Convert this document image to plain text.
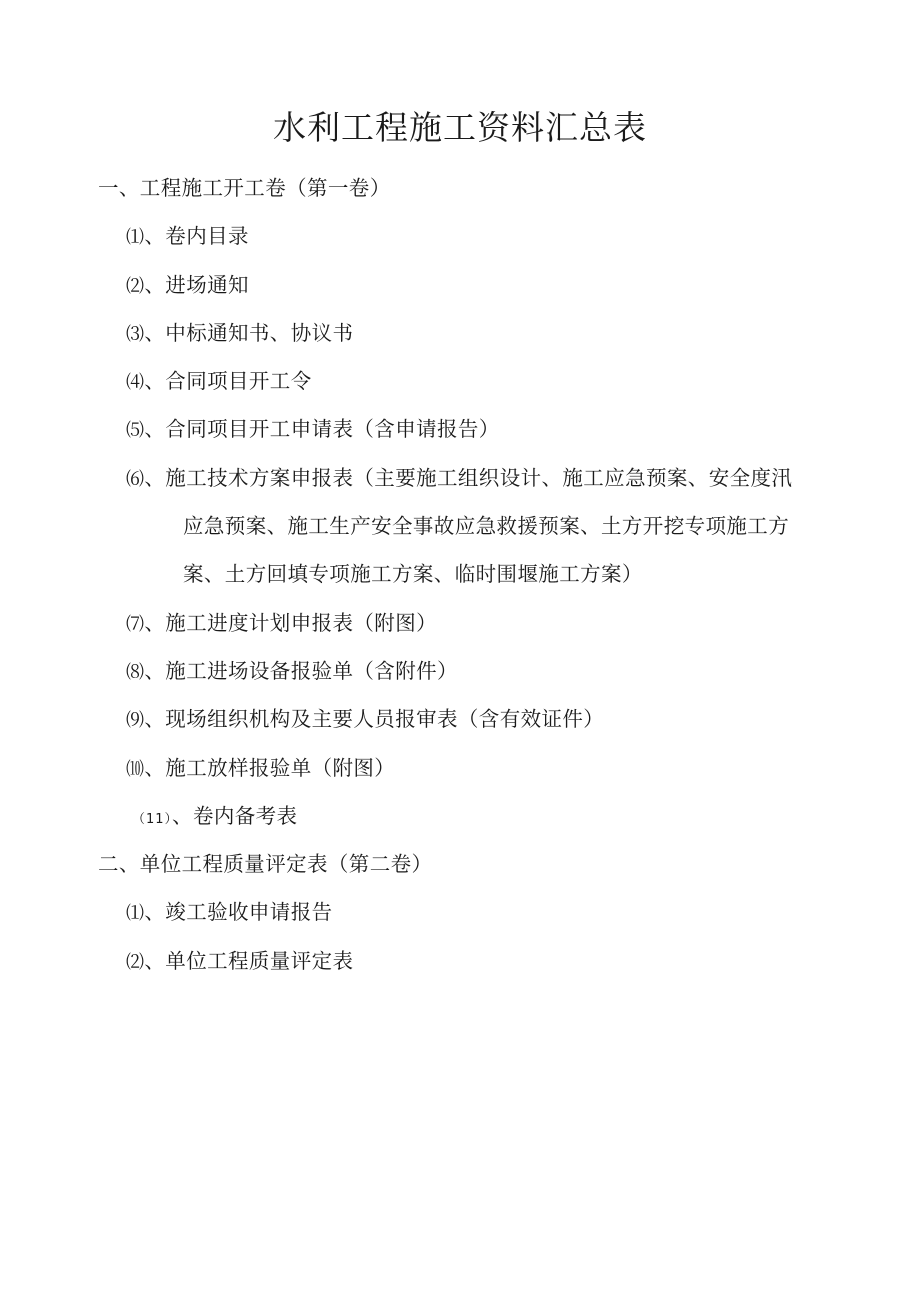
水利工程施工资料汇总表
一、工程施工开工卷（第一卷）
⑴、卷内目录
⑵、进场通知
⑶、中标通知书、协议书
⑷、合同项目开工令
⑸、合同项目开工申请表（含申请报告）
⑹、施工技术方案申报表（主要施工组织设计、施工应急预案、安全度汛
应急预案、施工生产安全事故应急救援预案、土方开挖专项施工方
案、土方回填专项施工方案、临时围堰施工方案）
⑺、施工进度计划申报表（附图）
⑻、施工进场设备报验单（含附件）
⑼、现场组织机构及主要人员报审表（含有效证件）
⑽、施工放样报验单（附图）
（11）、卷内备考表
二、单位工程质量评定表（第二卷）
⑴、竣工验收申请报告
⑵、单位工程质量评定表
